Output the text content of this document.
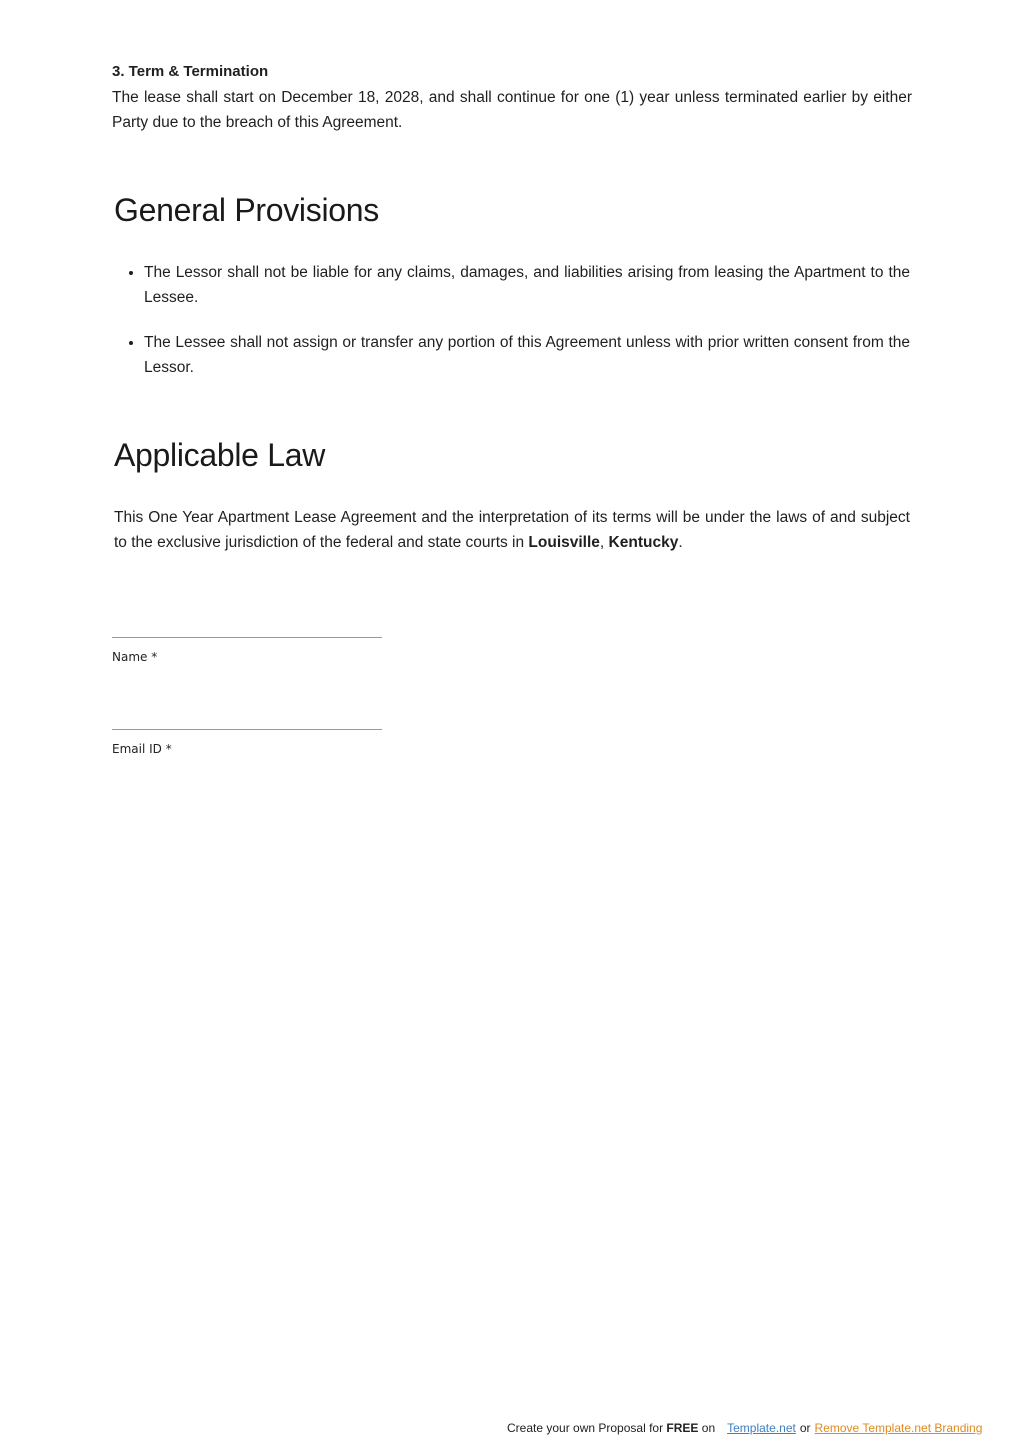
3. Term & Termination

The lease shall start on December 18, 2028, and shall continue for one (1) year unless terminated earlier by either Party due to the breach of this Agreement.

General Provisions
• The Lessor shall not be liable for any claims, damages, and liabilities arising from leasing the Apartment to the Lessee.
• The Lessee shall not assign or transfer any portion of this Agreement unless with prior written consent from the Lessor.
Applicable Law

This One Year Apartment Lease Agreement and the interpretation of its terms will be under the laws of and subject to the exclusive jurisdiction of the federal and state courts in Louisville, Kentucky.

Name *
Email ID *
Create your own Proposal for FREE on Template.net or Remove Template.net Branding
